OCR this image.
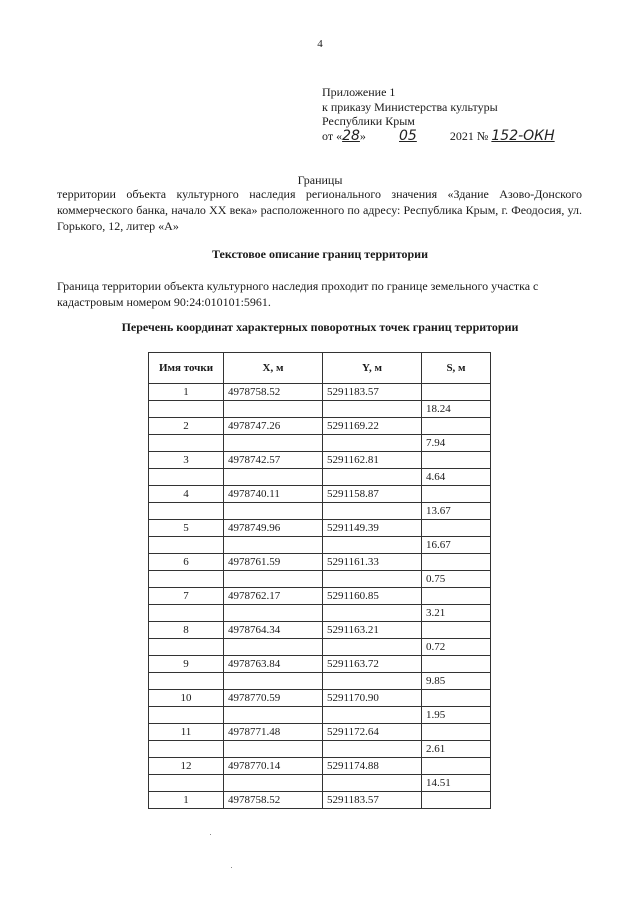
4
Приложение 1
к приказу Министерства культуры
Республики Крым
от «28» 05	2021 № 152-ОКН
Границы
территории объекта культурного наследия регионального значения «Здание Азово-Донского коммерческого банка, начало XX века» расположенного по адресу: Республика Крым, г. Феодосия, ул. Горького, 12, литер «А»
Текстовое описание границ территории
Граница территории объекта культурного наследия проходит по границе земельного участка с кадастровым номером 90:24:010101:5961.
Перечень координат характерных поворотных точек границ территории
Имя точки	X, м	Y, м	S, м
1	4978758.52	5291183.57	
			18.24
2	4978747.26	5291169.22	
			7.94
3	4978742.57	5291162.81	
			4.64
4	4978740.11	5291158.87	
			13.67
5	4978749.96	5291149.39	
			16.67
6	4978761.59	5291161.33	
			0.75
7	4978762.17	5291160.85	
			3.21
8	4978764.34	5291163.21	
			0.72
9	4978763.84	5291163.72	
			9.85
10	4978770.59	5291170.90	
			1.95
11	4978771.48	5291172.64	
			2.61
12	4978770.14	5291174.88	
			14.51
1	4978758.52	5291183.57	
